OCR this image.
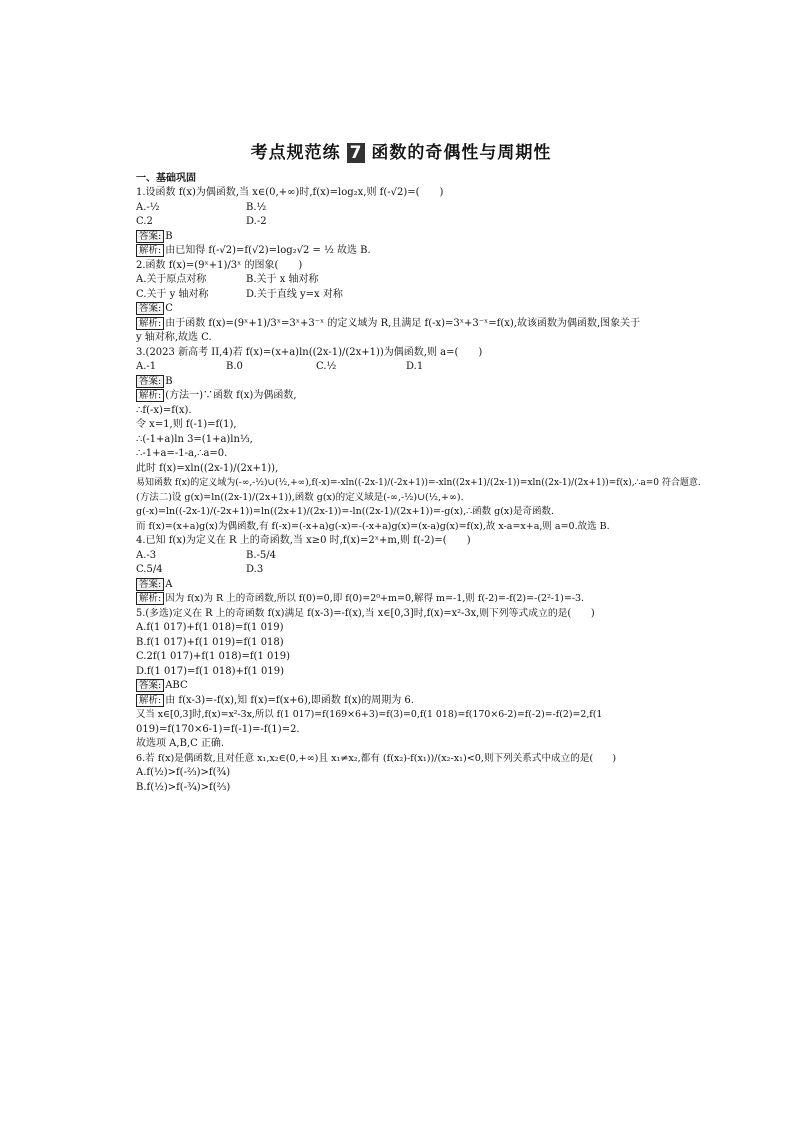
考点规范练 7 函数的奇偶性与周期性
一、基础巩固
1.设函数 f(x)为偶函数,当 x∈(0,+∞)时,f(x)=log₂x,则 f(-√2)=(　　)
A.-½	B.½
C.2	D.-2
答案: B
解析: 由已知得 f(-√2)=f(√2)=log₂√2 = ½ 故选 B.
2.函数 f(x)=(9ˣ+1)/3ˣ 的图象(　　)
A.关于原点对称	B.关于 x 轴对称
C.关于 y 轴对称	D.关于直线 y=x 对称
答案: C
解析: 由于函数 f(x)=(9ˣ+1)/3ˣ=3ˣ+3⁻ˣ 的定义域为 R,且满足 f(-x)=3ˣ+3⁻ˣ=f(x),故该函数为偶函数,图象关于
y 轴对称,故选 C.
3.(2023 新高考 II,4)若 f(x)=(x+a)ln((2x-1)/(2x+1))为偶函数,则 a=(　　)
A.-1	B.0	C.½	D.1
答案: B
解析: (方法一)∵函数 f(x)为偶函数,
∴f(-x)=f(x).
令 x=1,则 f(-1)=f(1),
∴(-1+a)ln 3=(1+a)ln⅓,
∴-1+a=-1-a,∴a=0.
此时 f(x)=xln((2x-1)/(2x+1)),
易知函数 f(x)的定义域为(-∞,-½)∪(½,+∞),f(-x)=-xln((-2x-1)/(-2x+1))=-xln((2x+1)/(2x-1))=xln((2x-1)/(2x+1))=f(x),∴a=0 符合题意.
(方法二)设 g(x)=ln((2x-1)/(2x+1)),函数 g(x)的定义域是(-∞,-½)∪(½,+∞).
g(-x)=ln((-2x-1)/(-2x+1))=ln((2x+1)/(2x-1))=-ln((2x-1)/(2x+1))=-g(x),∴函数 g(x)是奇函数.
而 f(x)=(x+a)g(x)为偶函数,有 f(-x)=(-x+a)g(-x)=-(-x+a)g(x)=(x-a)g(x)=f(x),故 x-a=x+a,则 a=0.故选 B.
4.已知 f(x)为定义在 R 上的奇函数,当 x≥0 时,f(x)=2ˣ+m,则 f(-2)=(　　)
A.-3	B.-5/4
C.5/4	D.3
答案: A
解析: 因为 f(x)为 R 上的奇函数,所以 f(0)=0,即 f(0)=2⁰+m=0,解得 m=-1,则 f(-2)=-f(2)=-(2²-1)=-3.
5.(多选)定义在 R 上的奇函数 f(x)满足 f(x-3)=-f(x),当 x∈[0,3]时,f(x)=x²-3x,则下列等式成立的是(　　)
A.f(1 017)+f(1 018)=f(1 019)
B.f(1 017)+f(1 019)=f(1 018)
C.2f(1 017)+f(1 018)=f(1 019)
D.f(1 017)=f(1 018)+f(1 019)
答案: ABC
解析: 由 f(x-3)=-f(x),知 f(x)=f(x+6),即函数 f(x)的周期为 6.
又当 x∈[0,3]时,f(x)=x²-3x,所以 f(1 017)=f(169×6+3)=f(3)=0,f(1 018)=f(170×6-2)=f(-2)=-f(2)=2,f(1
019)=f(170×6-1)=f(-1)=-f(1)=2.
故选项 A,B,C 正确.
6.若 f(x)是偶函数,且对任意 x₁,x₂∈(0,+∞)且 x₁≠x₂,都有 (f(x₂)-f(x₁))/(x₂-x₁)<0,则下列关系式中成立的是(　　)
A.f(½)>f(-⅔)>f(¾)
B.f(½)>f(-¾)>f(⅔)
